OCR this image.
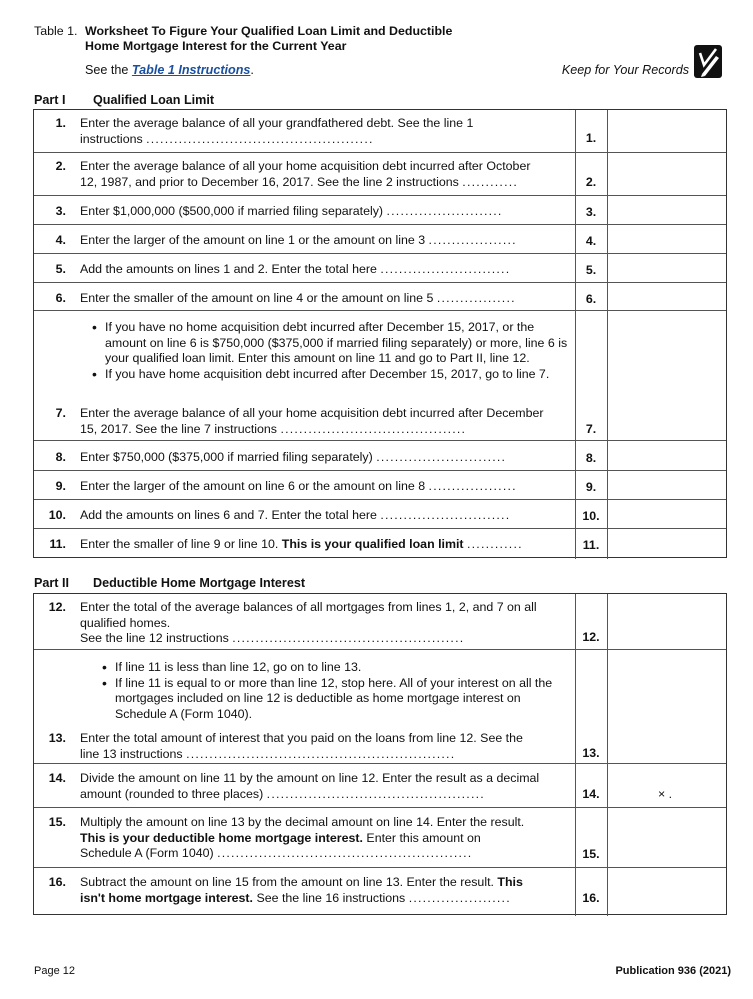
Table 1. Worksheet To Figure Your Qualified Loan Limit and Deductible
Home Mortgage Interest for the Current Year
See the Table 1 Instructions.	Keep for Your Records
Part I Qualified Loan Limit
1. Enter the average balance of all your grandfathered debt. See the line 1
instructions .................................................	1.
2. Enter the average balance of all your home acquisition debt incurred after October
12, 1987, and prior to December 16, 2017. See the line 2 instructions ............	2.
3. Enter $1,000,000 ($500,000 if married filing separately) .........................	3.
4. Enter the larger of the amount on line 1 or the amount on line 3 ...................	4.
5. Add the amounts on lines 1 and 2. Enter the total here ............................	5.
6. Enter the smaller of the amount on line 4 or the amount on line 5 .................	6.
• If you have no home acquisition debt incurred after December 15, 2017, or the amount on line 6 is $750,000 ($375,000 if married filing separately) or more, line 6 is your qualified loan limit. Enter this amount on line 11 and go to Part II, line 12.
• If you have home acquisition debt incurred after December 15, 2017, go to line 7.
7. Enter the average balance of all your home acquisition debt incurred after December
15, 2017. See the line 7 instructions ........................................	7.
8. Enter $750,000 ($375,000 if married filing separately) ............................	8.
9. Enter the larger of the amount on line 6 or the amount on line 8 ...................	9.
10. Add the amounts on lines 6 and 7. Enter the total here ............................	10.
11. Enter the smaller of line 9 or line 10. This is your qualified loan limit ............	11.
Part II Deductible Home Mortgage Interest
12. Enter the total of the average balances of all mortgages from lines 1, 2, and 7 on all
qualified homes.
See the line 12 instructions ..................................................	12.
• If line 11 is less than line 12, go on to line 13.
• If line 11 is equal to or more than line 12, stop here. All of your interest on all the mortgages included on line 12 is deductible as home mortgage interest on Schedule A (Form 1040).
13. Enter the total amount of interest that you paid on the loans from line 12. See the
line 13 instructions ..........................................................	13.
14. Divide the amount on line 11 by the amount on line 12. Enter the result as a decimal
amount (rounded to three places) ...............................................	14.	× .
15. Multiply the amount on line 13 by the decimal amount on line 14. Enter the result.
This is your deductible home mortgage interest. Enter this amount on
Schedule A (Form 1040) .......................................................	15.
16. Subtract the amount on line 15 from the amount on line 13. Enter the result. This
isn't home mortgage interest. See the line 16 instructions ......................	16.
Page 12	Publication 936 (2021)
